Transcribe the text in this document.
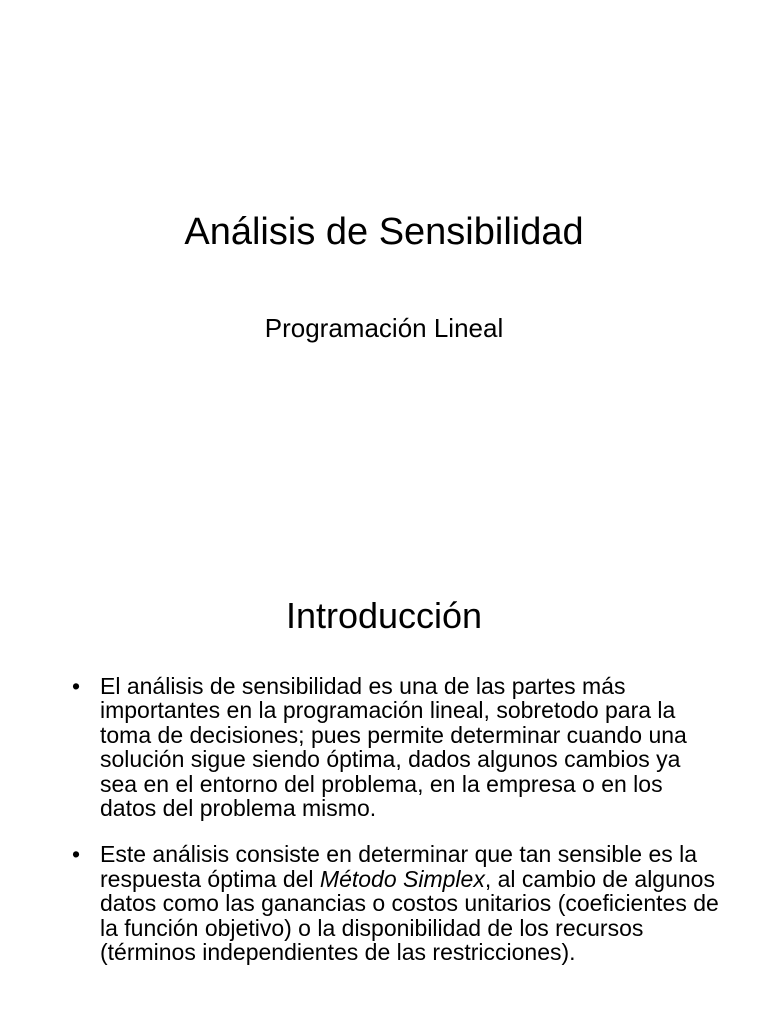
Análisis de Sensibilidad

Programación Lineal

Introducción
• El análisis de sensibilidad es una de las partes más importantes en la programación lineal, sobretodo para la toma de decisiones; pues permite determinar cuando una solución sigue siendo óptima, dados algunos cambios ya sea en el entorno del problema, en la empresa o en los datos del problema mismo.
• Este análisis consiste en determinar que tan sensible es la respuesta óptima del Método Simplex, al cambio de algunos datos como las ganancias o costos unitarios (coeficientes de la función objetivo) o la disponibilidad de los recursos (términos independientes de las restricciones).
